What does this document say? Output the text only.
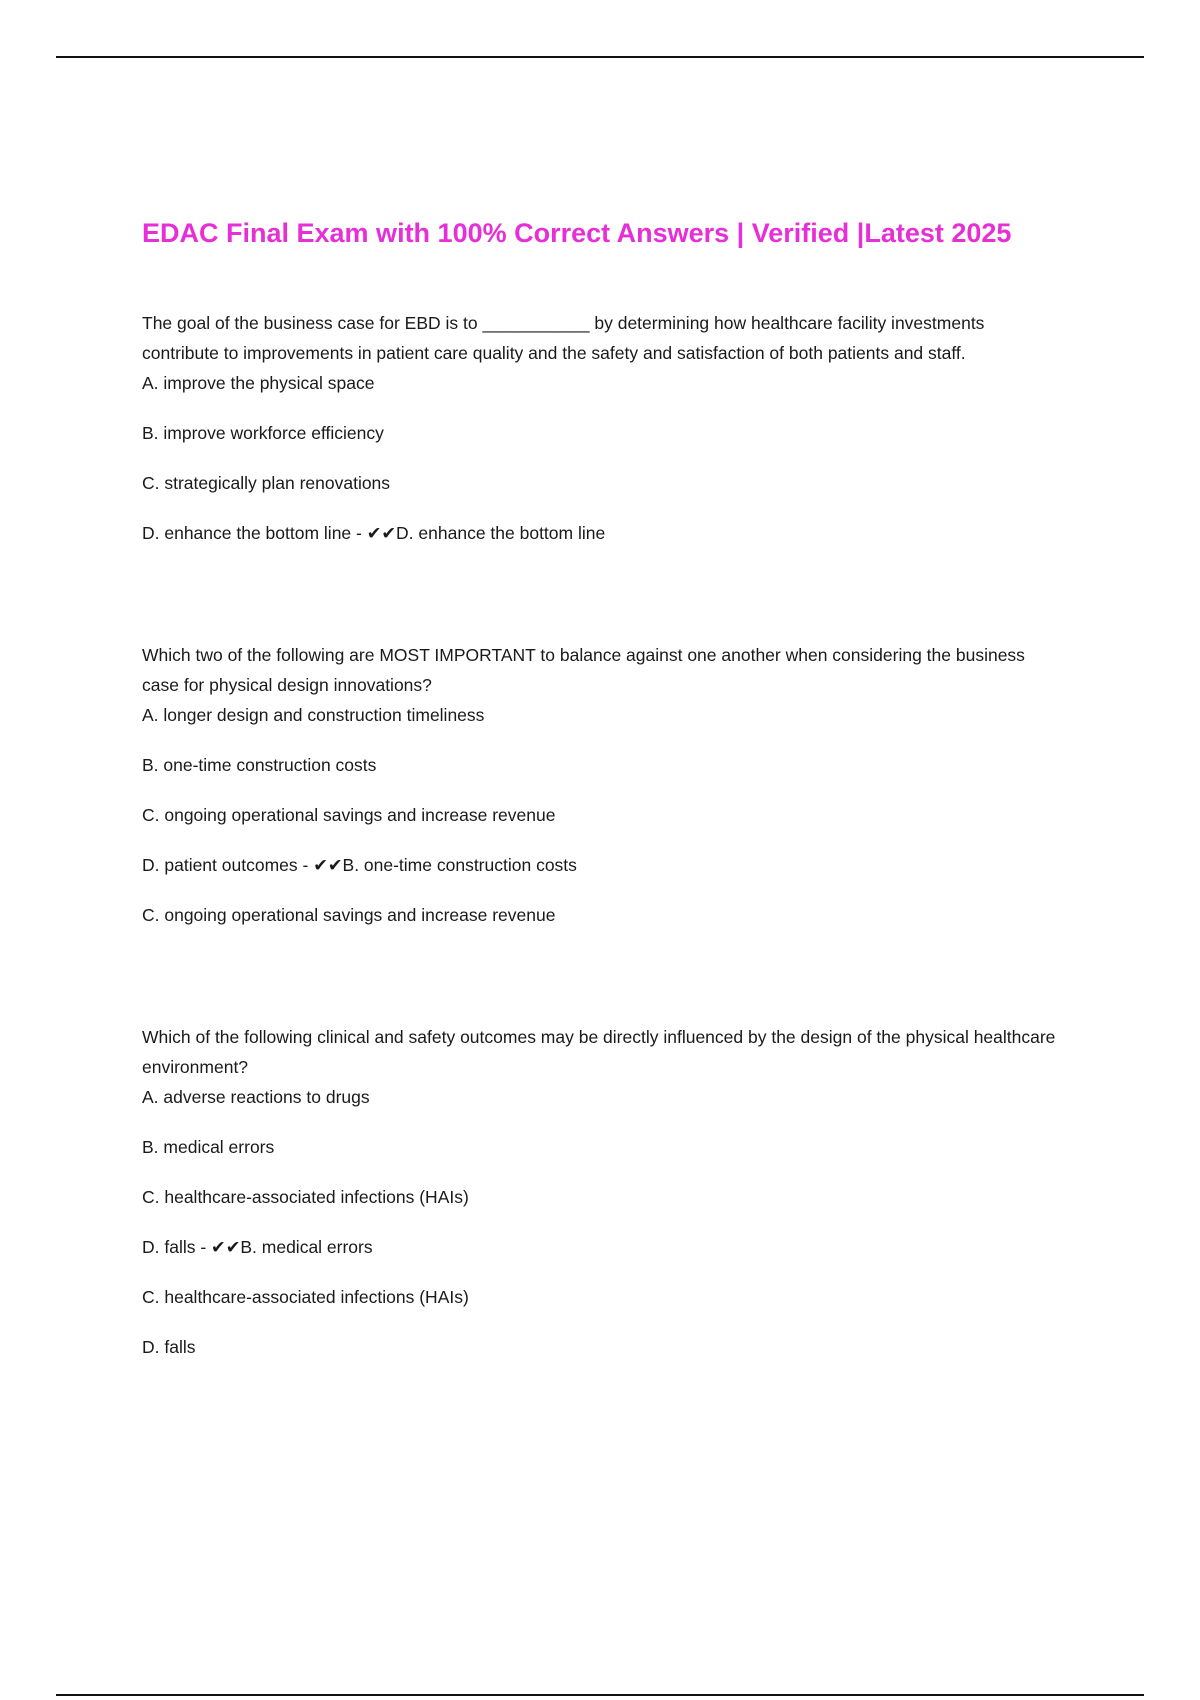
EDAC Final Exam with 100% Correct Answers | Verified |Latest 2025

The goal of the business case for EBD is to ___________ by determining how healthcare facility investments contribute to improvements in patient care quality and the safety and satisfaction of both patients and staff.

A. improve the physical space

B. improve workforce efficiency

C. strategically plan renovations

D. enhance the bottom line - ✔✔D. enhance the bottom line

Which two of the following are MOST IMPORTANT to balance against one another when considering the business case for physical design innovations?

A. longer design and construction timeliness

B. one-time construction costs

C. ongoing operational savings and increase revenue

D. patient outcomes - ✔✔B. one-time construction costs

C. ongoing operational savings and increase revenue

Which of the following clinical and safety outcomes may be directly influenced by the design of the physical healthcare environment?

A. adverse reactions to drugs

B. medical errors

C. healthcare-associated infections (HAIs)

D. falls - ✔✔B. medical errors

C. healthcare-associated infections (HAIs)

D. falls
